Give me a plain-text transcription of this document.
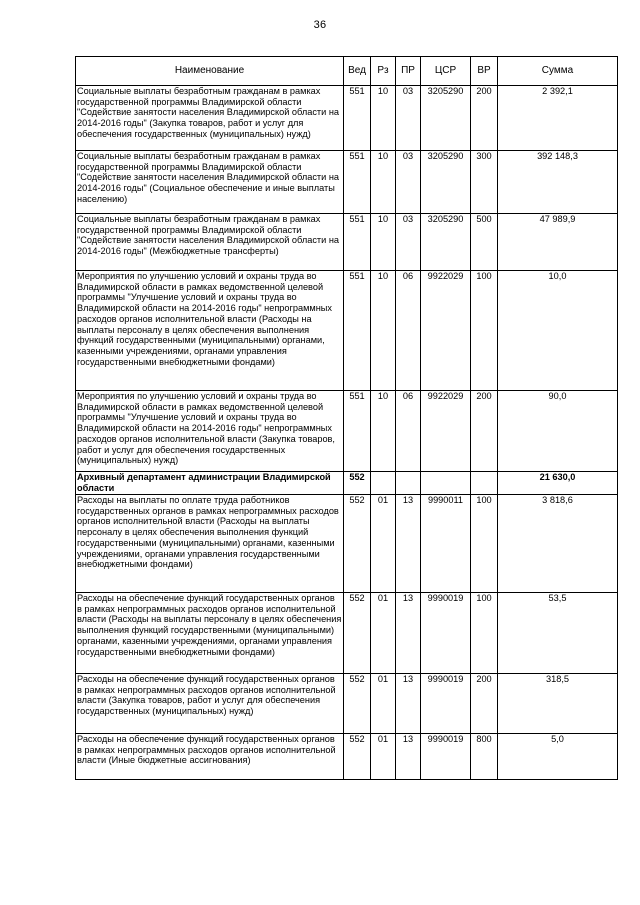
36
Наименование	Вед	Рз	ПР	ЦСР	ВР	Сумма
Социальные выплаты безработным гражданам в рамках государственной программы Владимирской области "Содействие занятости населения Владимирской области на 2014-2016 годы" (Закупка товаров, работ и услуг для обеспечения государственных (муниципальных) нужд)	551	10	03	3205290	200	2 392,1
Социальные выплаты безработным гражданам в рамках государственной программы Владимирской области "Содействие занятости населения Владимирской области на 2014-2016 годы" (Социальное обеспечение и иные выплаты населению)	551	10	03	3205290	300	392 148,3
Социальные выплаты безработным гражданам в рамках государственной программы Владимирской области "Содействие занятости населения Владимирской области на 2014-2016 годы" (Межбюджетные трансферты)	551	10	03	3205290	500	47 989,9
Мероприятия по улучшению условий и охраны труда во Владимирской области в рамках ведомственной целевой программы "Улучшение условий и охраны труда во Владимирской области на 2014-2016 годы" непрограммных расходов органов исполнительной власти (Расходы на выплаты персоналу в целях обеспечения выполнения функций государственными (муниципальными) органами, казенными учреждениями, органами управления государственными внебюджетными фондами)	551	10	06	9922029	100	10,0
Мероприятия по улучшению условий и охраны труда во Владимирской области в рамках ведомственной целевой программы "Улучшение условий и охраны труда во Владимирской области на 2014-2016 годы" непрограммных расходов органов исполнительной власти (Закупка товаров, работ и услуг для обеспечения государственных (муниципальных) нужд)	551	10	06	9922029	200	90,0
Архивный департамент администрации Владимирской области	552					21 630,0
Расходы на выплаты по оплате труда работников государственных органов в рамках непрограммных расходов органов исполнительной власти (Расходы на выплаты персоналу в целях обеспечения выполнения функций государственными (муниципальными) органами, казенными учреждениями, органами управления государственными внебюджетными фондами)	552	01	13	9990011	100	3 818,6
Расходы на обеспечение функций государственных органов в рамках непрограммных расходов органов исполнительной власти (Расходы на выплаты персоналу в целях обеспечения выполнения функций государственными (муниципальными) органами, казенными учреждениями, органами управления государственными внебюджетными фондами)	552	01	13	9990019	100	53,5
Расходы на обеспечение функций государственных органов в рамках непрограммных расходов органов исполнительной власти (Закупка товаров, работ и услуг для обеспечения государственных (муниципальных) нужд)	552	01	13	9990019	200	318,5
Расходы на обеспечение функций государственных органов в рамках непрограммных расходов органов исполнительной власти (Иные бюджетные ассигнования)	552	01	13	9990019	800	5,0
